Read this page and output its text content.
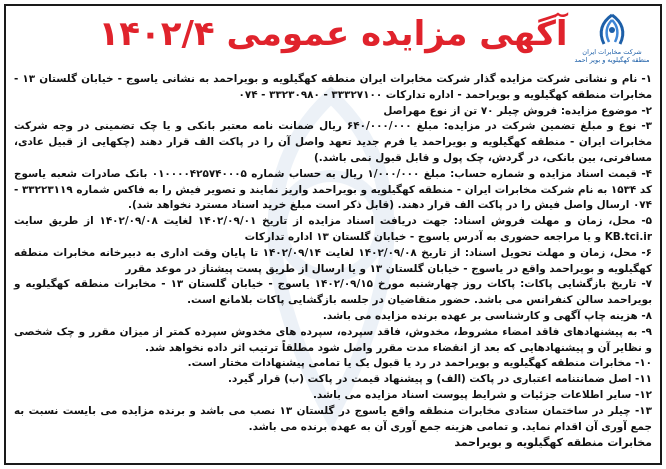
شرکت مخابرات ایران
منطقه کهگیلویه و بویر احمد
آگهی مزایده عمومی ۱۴۰۲/۴

۱- نام و نشانی شرکت مزایده گذار شرکت مخابرات ایران منطقه کهگیلویه و بویراحمد به نشانی یاسوج - خیابان گلستان ۱۳ - مخابرات منطقه کهگیلویه و بویراحمد - اداره تدارکات ۳۳۳۲۷۱۰۰ - ۳۳۲۳۰۹۸۰ - ۰۷۴

۲- موضوع مزایده: فروش چیلر ۷۰ تن از نوع مهراصل

۳- نوع و مبلغ تضمین شرکت در مزایده: مبلغ ۶۴۰/۰۰۰/۰۰۰ ریال ضمانت نامه معتبر بانکی و یا چک تضمینی در وجه شرکت مخابرات ایران - منطقه کهگیلویه و بویراحمد یا فرم جدید تعهد واصل آن را در پاکت الف قرار دهند (چکهایی از قبیل عادی، مسافرتی، بین بانکی، در گردش، چک پول و قابل قبول نمی باشد.)

۴- قیمت اسناد مزایده و شماره حساب: مبلغ ۱/۰۰۰/۰۰۰ ریال به حساب شماره ۰۱۰۰۰۰۴۲۵۷۴۰۰۰۵ بانک صادرات شعبه یاسوج کد ۱۵۳۴ به نام شرکت مخابرات ایران - منطقه کهگیلویه و بویراحمد واریز نمایند و تصویر فیش را به فاکس شماره ۳۳۲۲۳۱۱۹ - ۰۷۴ ارسال واصل فیش را در پاکت الف قرار دهند. (قابل ذکر است مبلغ خرید اسناد مسترد نخواهد شد).

۵- محل، زمان و مهلت فروش اسناد: جهت دریافت اسناد مزایده از تاریخ ۱۴۰۲/۰۹/۰۱ لغایت ۱۴۰۲/۰۹/۰۸ از طریق سایت KB.tci.ir و یا مراجعه حضوری به آدرس یاسوج - خیابان گلستان ۱۳ اداره تدارکات

۶- محل، زمان و مهلت تحویل اسناد: از تاریخ ۱۴۰۲/۰۹/۰۸ لغایت ۱۴۰۲/۰۹/۱۴ تا پایان وقت اداری به دبیرخانه مخابرات منطقه کهگیلویه و بویراحمد واقع در یاسوج - خیابان گلستان ۱۳ و یا ارسال از طریق پست پیشتاز در موعد مقرر

۷- تاریخ بازگشایی پاکات: پاکات روز چهارشنبه مورخ ۱۴۰۲/۰۹/۱۵ یاسوج - خیابان گلستان ۱۳ - مخابرات منطقه کهگیلویه و بویراحمد سالن کنفرانس می باشد. حضور متقاضیان در جلسه بازگشایی پاکات بلامانع است.

۸- هزینه چاپ آگهی و کارشناسی بر عهده برنده مزایده می باشد.

۹- به پیشنهادهای فاقد امضاء مشروط، مخدوش، فاقد سپرده، سپرده های مخدوش سپرده کمتر از میزان مقرر و چک شخصی و نظایر آن و پیشنهادهایی که بعد از انقضاء مدت مقرر واصل شود مطلقاً ترتیب اثر داده نخواهد شد.

۱۰- مخابرات منطقه کهگیلویه و بویراحمد در رد یا قبول یک یا تمامی پیشنهادات مختار است.

۱۱- اصل ضمانتنامه اعتباری در پاکت (الف) و پیشنهاد قیمت در پاکت (ب) قرار گیرد.

۱۲- سایر اطلاعات جزئیات و شرایط پیوست اسناد مزایده می باشد.

۱۳- چیلر در ساختمان ستادی مخابرات منطقه واقع یاسوج در گلستان ۱۳ نصب می باشد و برنده مزایده می بایست نسبت به جمع آوری آن اقدام نماید. و تمامی هزینه جمع آوری آن به عهده برنده می باشد.

مخابرات منطقه کهگیلویه و بویراحمد
